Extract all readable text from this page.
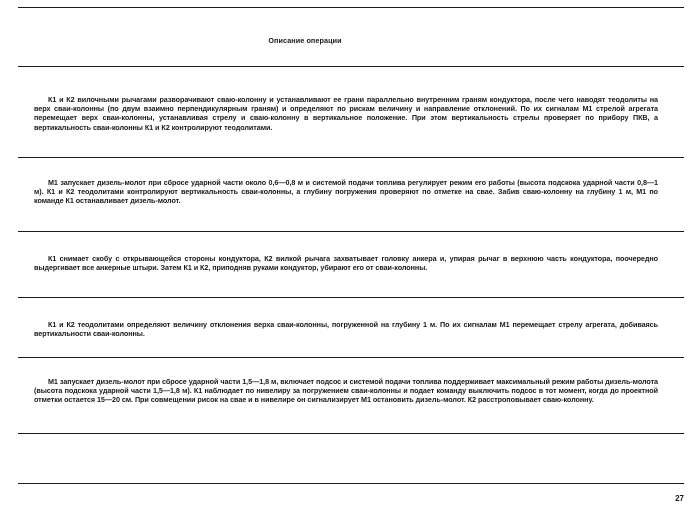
Описание операции
К1 и К2 вилочными рычагами разворачивают сваю-колонну и устанавливают ее грани параллельно внутренним граням кондуктора, после чего наводят теодолиты на верх сваи-колонны (по двум взаимно перпендикулярным граням) и определяют по рискам величину и направление отклонений. По их сигналам М1 стрелой агрегата перемещает верх сваи-колонны, устанавливая стрелу и сваю-колонну в вертикальное положение. При этом вертикальность стрелы проверяет по прибору ПКВ, а вертикальность сваи-колонны К1 и К2 контролируют теодолитами.
М1 запускает дизель-молот при сбросе ударной части около 0,6—0,8 м и системой подачи топлива регулирует режим его работы (высота подскока ударной части 0,8—1 м). К1 и К2 теодолитами контролируют вертикальность сваи-колонны, а глубину погружения проверяют по отметке на свае. Забив сваю-колонну на глубину 1 м, М1 по команде К1 останавливает дизель-молот.
К1 снимает скобу с открывающейся стороны кондуктора, К2 вилкой рычага захватывает головку анкера и, упирая рычаг в верхнюю часть кондуктора, поочередно выдергивает все анкерные штыри. Затем К1 и К2, приподняв руками кондуктор, убирают его от сваи-колонны.
К1 и К2 теодолитами определяют величину отклонения верха сваи-колонны, погруженной на глубину 1 м. По их сигналам М1 перемещает стрелу агрегата, добиваясь вертикальности сваи-колонны.
М1 запускает дизель-молот при сбросе ударной части 1,5—1,8 м, включает подсос и системой подачи топлива поддерживает максимальный режим работы дизель-молота (высота подскока ударной части 1,5—1,8 м). К1 наблюдает по нивелиру за погружением сваи-колонны и подает команду выключить подсос в тот момент, когда до проектной отметки остается 15—20 см. При совмещении рисок на свае и в нивелире он сигнализирует М1 остановить дизель-молот. К2 расстроповывает сваю-колонну.
27
